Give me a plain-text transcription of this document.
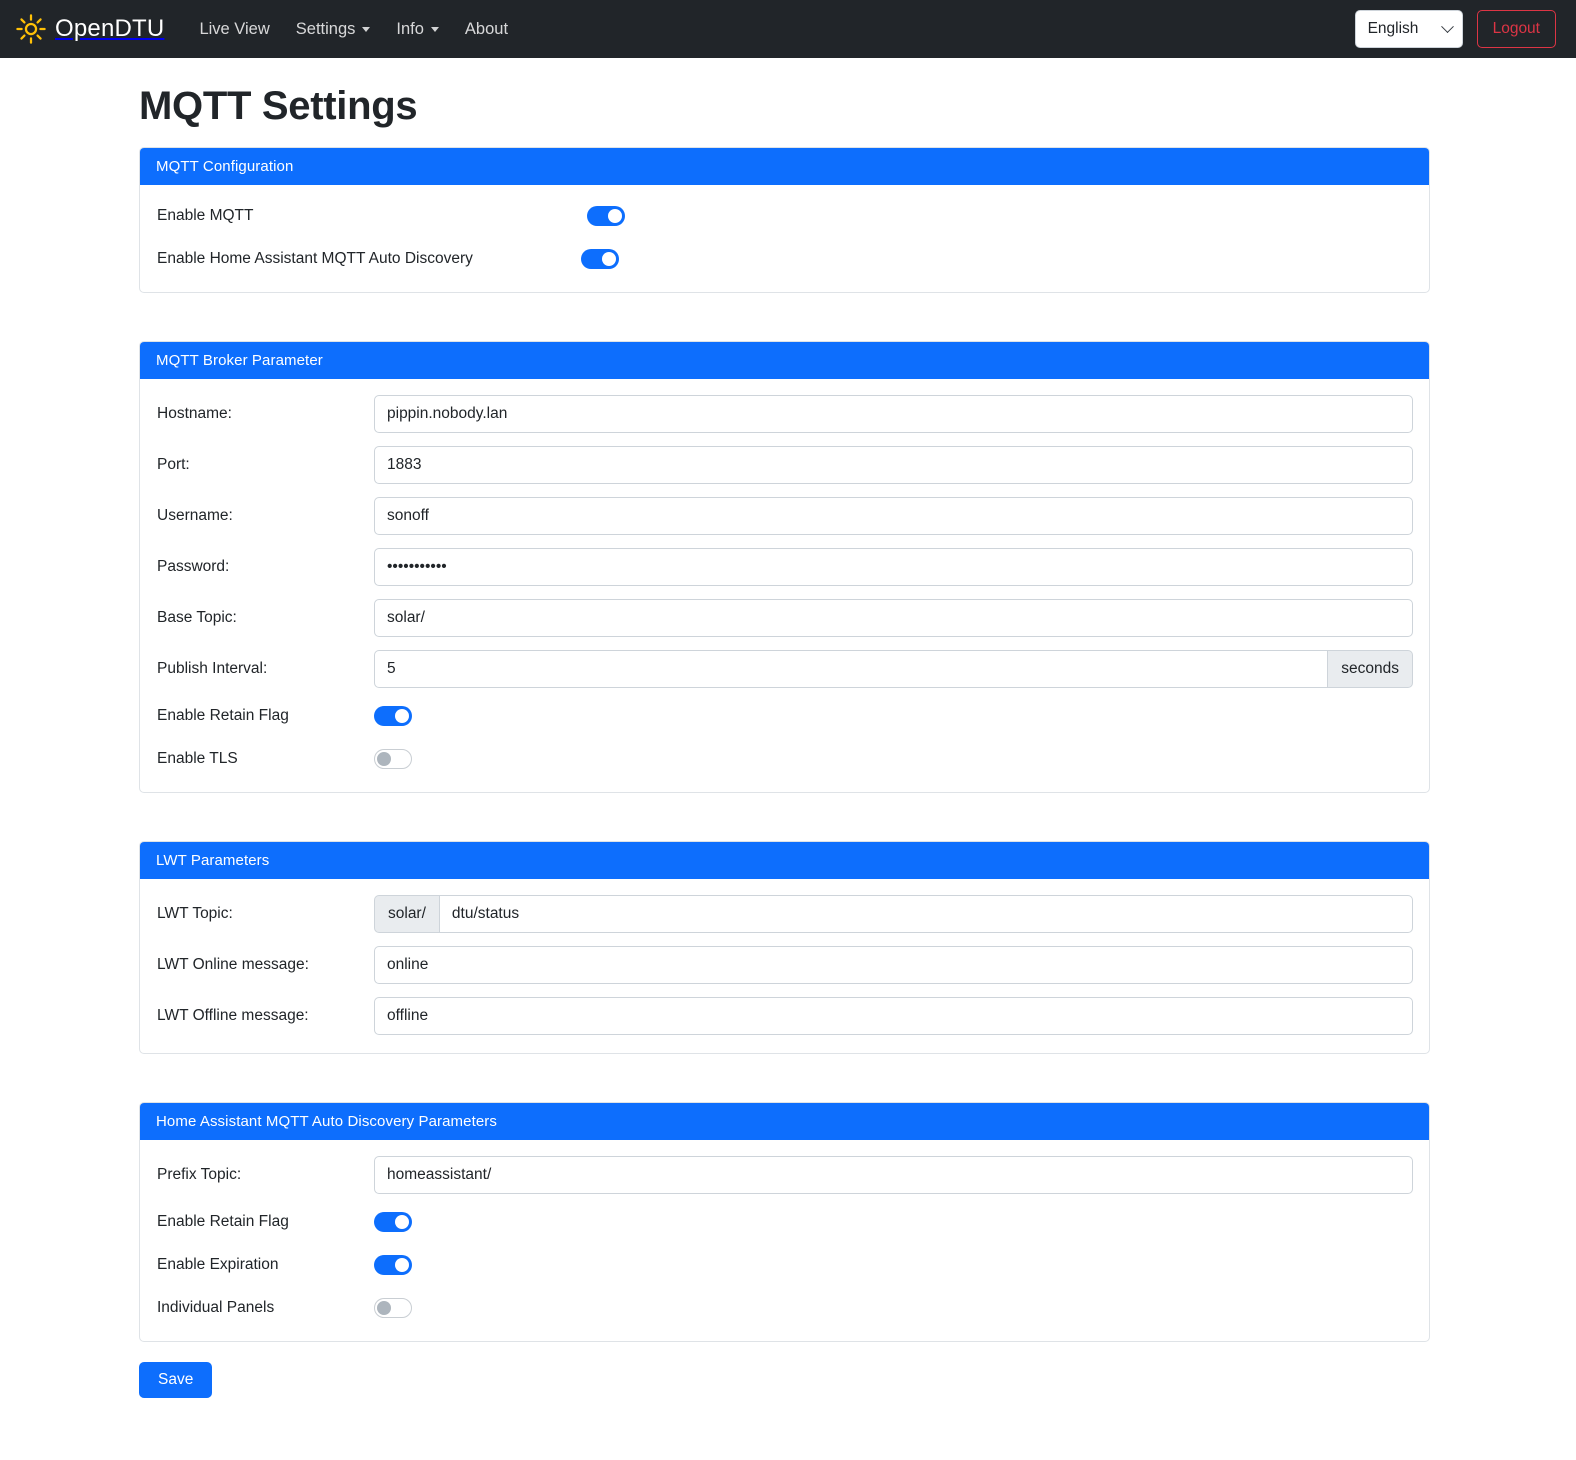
OpenDTU Live View Settings Info About	English	Logout
MQTT Settings
MQTT Configuration
Enable MQTT
Enable Home Assistant MQTT Auto Discovery
MQTT Broker Parameter
Hostname:
pippin.nobody.lan
Port:
1883
Username:
sonoff
Password:
•••••••••••
Base Topic:
solar/
Publish Interval:
5	seconds
Enable Retain Flag
Enable TLS
LWT Parameters
LWT Topic:	solar/
dtu/status
LWT Online message:
online
LWT Offline message:
offline
Home Assistant MQTT Auto Discovery Parameters
Prefix Topic:
homeassistant/
Enable Retain Flag
Enable Expiration
Individual Panels
Save
